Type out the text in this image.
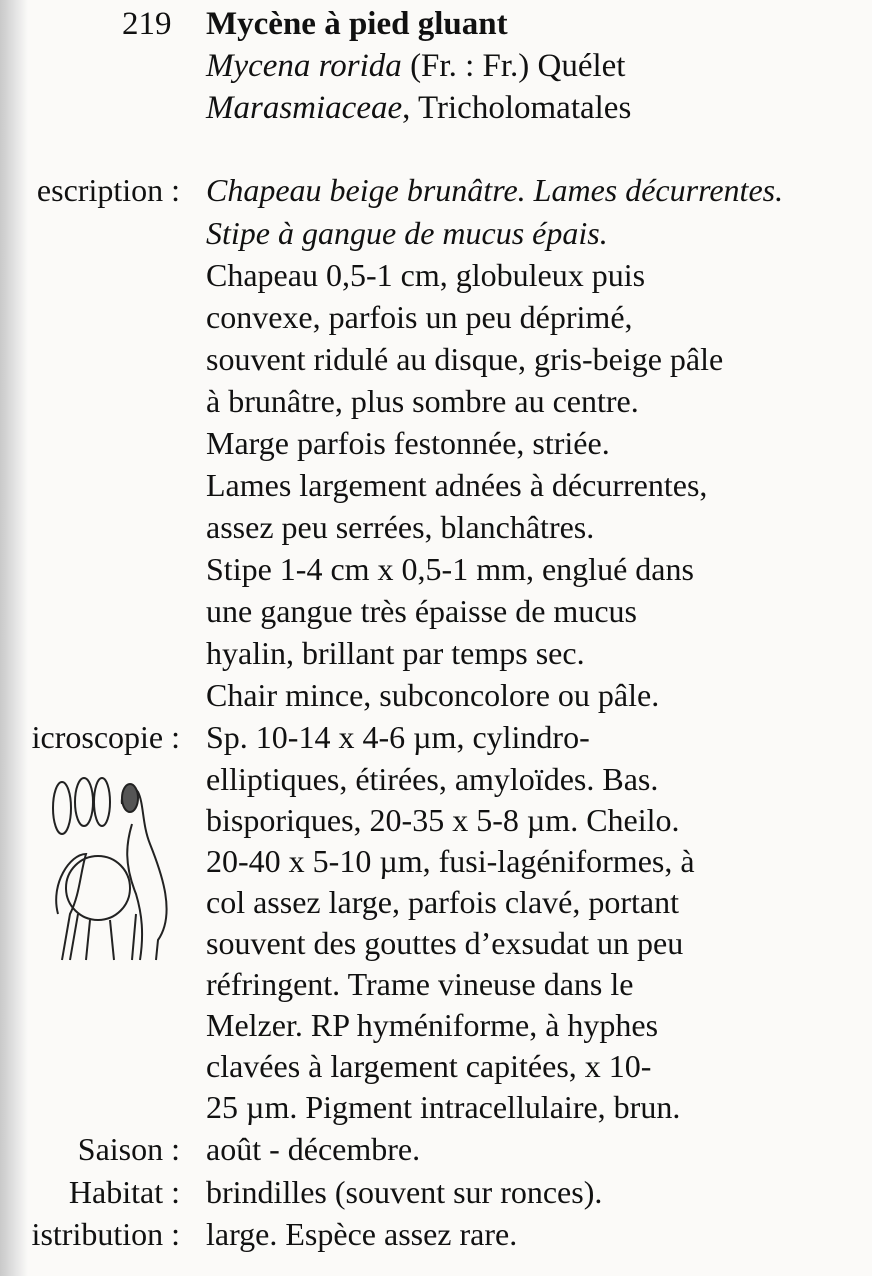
219 Mycène à pied gluant
Mycena rorida (Fr. : Fr.) Quélet
Marasmiaceae, Tricholomatales
escription :
icroscopie :
Saison :
Habitat :
istribution :
Chapeau beige brunâtre. Lames décurrentes.
Stipe à gangue de mucus épais.
Chapeau 0,5-1 cm, globuleux puis
convexe, parfois un peu déprimé,
souvent ridulé au disque, gris-beige pâle
à brunâtre, plus sombre au centre.
Marge parfois festonnée, striée.
Lames largement adnées à décurrentes,
assez peu serrées, blanchâtres.
Stipe 1-4 cm x 0,5-1 mm, englué dans
une gangue très épaisse de mucus
hyalin, brillant par temps sec.
Chair mince, subconcolore ou pâle.
Sp. 10-14 x 4-6 µm, cylindro-
elliptiques, étirées, amyloïdes. Bas.
bisporiques, 20-35 x 5-8 µm. Cheilo.
20-40 x 5-10 µm, fusi-lagéniformes, à
col assez large, parfois clavé, portant
souvent des gouttes d’exsudat un peu
réfringent. Trame vineuse dans le
Melzer. RP hyméniforme, à hyphes
clavées à largement capitées, x 10-
25 µm. Pigment intracellulaire, brun.
août - décembre.
brindilles (souvent sur ronces).
large. Espèce assez rare.
